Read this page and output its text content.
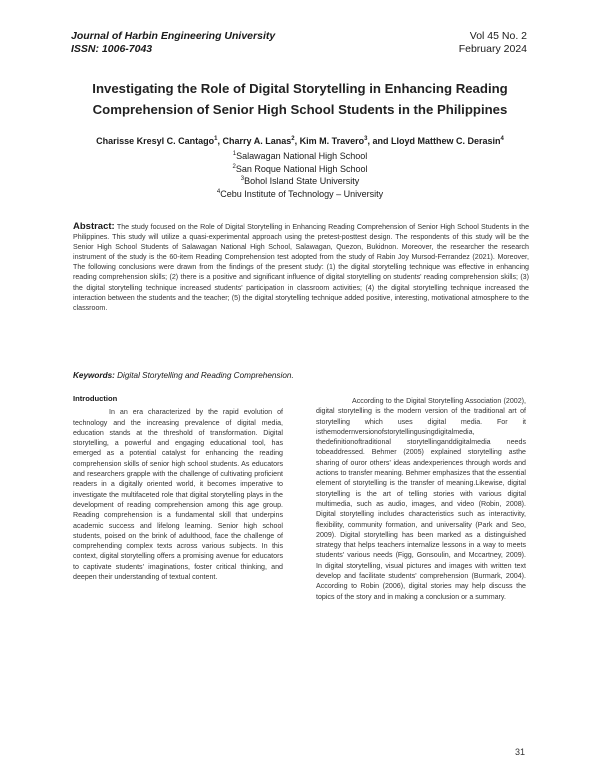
Journal of Harbin Engineering University
ISSN: 1006-7043
Vol 45 No. 2
February 2024
Investigating the Role of Digital Storytelling in Enhancing Reading Comprehension of Senior High School Students in the Philippines
Charisse Kresyl C. Cantago$^1$, Charry A. Lanas$^2$, Kim M. Travero$^3$, and Lloyd Matthew C. Derasin$^4$
$^1$Salawagan National High School
$^2$San Roque National High School
$^3$Bohol Island State University
$^4$Cebu Institute of Technology – University
Abstract: The study focused on the Role of Digital Storytelling in Enhancing Reading Comprehension of Senior High School Students in the Philippines. This study will utilize a quasi-experimental approach using the pretest-posttest design. The respondents of this study will be the Senior High School Students of Salawagan National High School, Salawagan, Quezon, Bukidnon. Moreover, the researcher the research instrument of the study is the 60-item Reading Comprehension test adopted from the study of Rabin Joy Mursod-Ferrandez (2021). Moreover, The following conclusions were drawn from the findings of the present study: (1) the digital storytelling technique was effective in enhancing reading comprehension skills; (2) there is a positive and significant influence of digital storytelling on students' reading comprehension skills; (3) the digital storytelling technique increased students' participation in classroom activities; (4) the digital storytelling technique increased the interaction between the students and the teacher; (5) the digital storytelling technique added positive, interesting, motivational atmosphere to the classroom.
Keywords: Digital Storytelling and Reading Comprehension.
Introduction

In an era characterized by the rapid evolution of technology and the increasing prevalence of digital media, education stands at the threshold of transformation. Digital storytelling, a powerful and engaging educational tool, has emerged as a potential catalyst for enhancing the reading comprehension skills of senior high school students. As educators and researchers grapple with the challenge of cultivating proficient readers in a digitally oriented world, it becomes imperative to investigate the multifaceted role that digital storytelling plays in the development of reading comprehension among this age group. Reading comprehension is a fundamental skill that underpins academic success and lifelong learning. Senior high school students, poised on the brink of adulthood, face the challenge of comprehending complex texts across various subjects. In this context, digital storytelling offers a promising avenue for educators to captivate students' imaginations, foster critical thinking, and deepen their understanding of textual content.

According to the Digital Storytelling Association (2002), digital storytelling is the modern version of the traditional art of storytelling which uses digital media. For it isthemodernversionofstorytellingusingdigitalmedia, thedefinitionoftraditional storytellinganddigitalmedia needs tobeaddressed. Behmer (2005) explained storytelling asthe sharing of ouror others' ideas andexperiences through words and actions to transfer meaning. Behmer emphasizes that the essential element of storytelling is the transfer of meaning.Likewise, digital storytelling is the art of telling stories with various digital multimedia, such as audio, images, and video (Robin, 2008). Digital storytelling includes characteristics such as interactivity, flexibility, community formation, and universality (Park and Seo, 2009). Digital storytelling has been marked as a distinguished strategy that helps teachers internalize lessons in a way to meets students' various needs (Figg, Gonsoulin, and Mccartney, 2009). In digital storytelling, visual pictures and images with written text develop and facilitate students' comprehension (Burmark, 2004). According to Robin (2006), digital stories may help discuss the topics of the story and in making a conclusion or a summary.

31
